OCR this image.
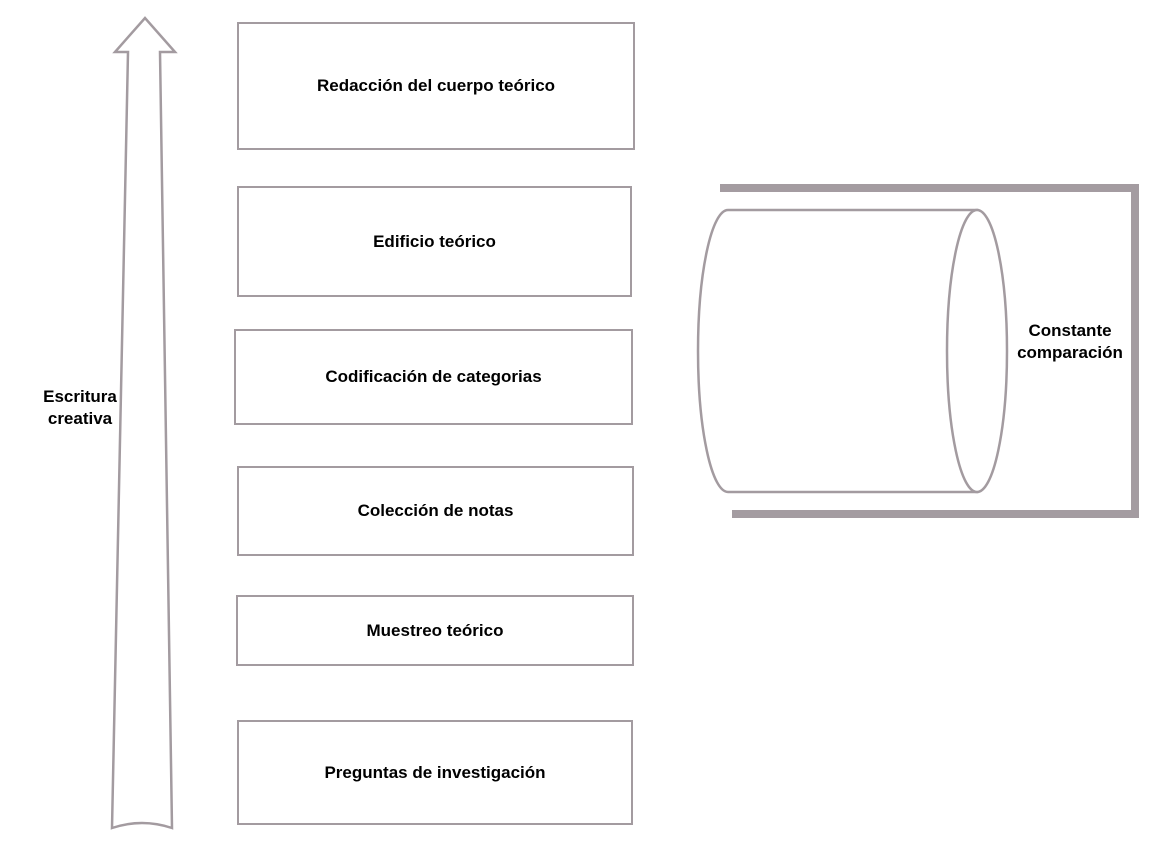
Redacción del cuerpo teórico
Edificio teórico
Codificación de categorias
Colección de notas
Muestreo teórico
Preguntas de investigación
Escritura
creativa
Constante
comparación
